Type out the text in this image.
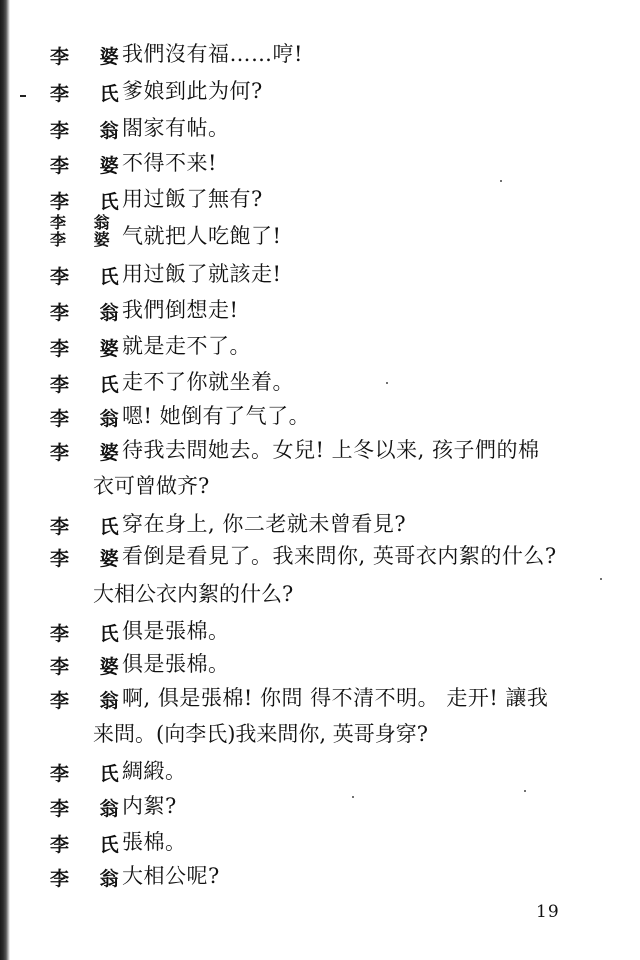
李 婆
我們沒有福……哼!
李 氏
爹娘到此为何?
李 翁
閤家有帖。
李 婆
不得不来!
李 氏
用过飯了無有?
李 翁
李 婆 气就把人吃飽了!
李 氏
用过飯了就該走!
李 翁
我們倒想走!
李 婆
就是走不了。
李 氏
走不了你就坐着。
李 翁
嗯! 她倒有了气了。
李 婆
待我去問她去。女兒! 上冬以来, 孩子們的棉
衣可曾做齐?
李 氏
穿在身上, 你二老就未曾看見?
李 婆
看倒是看見了。我来問你, 英哥衣内絮的什么?
大相公衣内絮的什么?
李 氏
俱是張棉。
李 婆
俱是張棉。
李 翁
啊, 俱是張棉! 你問 得不清不明。 走开! 讓我
来問。(向李氏)我来問你, 英哥身穿?
李 氏
綢緞。
李 翁
内絮?
李 氏
張棉。
李 翁
大相公呢?
19
